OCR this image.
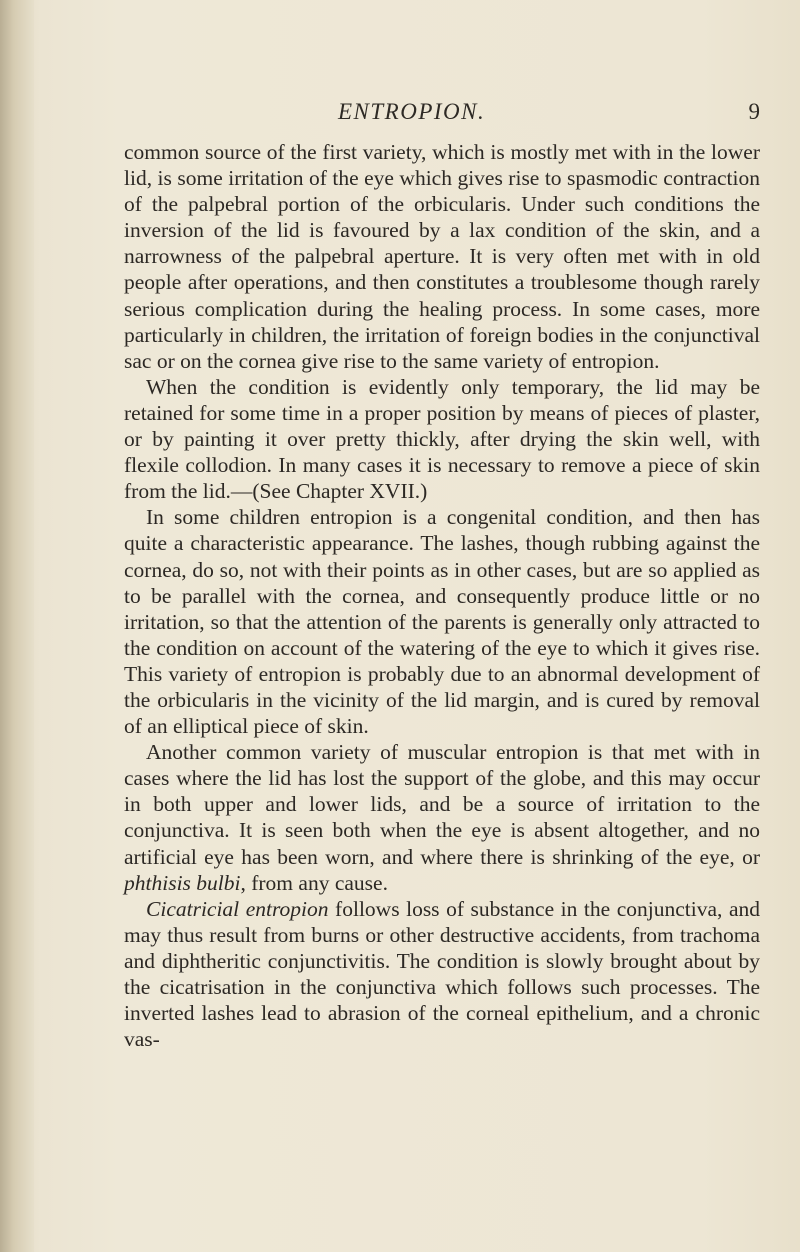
ENTROPION.	9

common source of the first variety, which is mostly met with in the lower lid, is some irritation of the eye which gives rise to spasmodic contraction of the palpebral portion of the orbicularis. Under such conditions the inversion of the lid is favoured by a lax condition of the skin, and a narrowness of the palpebral aperture. It is very often met with in old people after operations, and then constitutes a troublesome though rarely serious complication during the healing process. In some cases, more particularly in children, the irritation of foreign bodies in the conjunctival sac or on the cornea give rise to the same variety of entropion.

When the condition is evidently only temporary, the lid may be retained for some time in a proper position by means of pieces of plaster, or by painting it over pretty thickly, after drying the skin well, with flexile collodion. In many cases it is necessary to remove a piece of skin from the lid.—(See Chapter XVII.)

In some children entropion is a congenital condition, and then has quite a characteristic appearance. The lashes, though rubbing against the cornea, do so, not with their points as in other cases, but are so applied as to be parallel with the cornea, and consequently produce little or no irritation, so that the attention of the parents is generally only attracted to the condition on account of the watering of the eye to which it gives rise. This variety of entropion is probably due to an abnormal development of the orbicularis in the vicinity of the lid margin, and is cured by removal of an elliptical piece of skin.

Another common variety of muscular entropion is that met with in cases where the lid has lost the support of the globe, and this may occur in both upper and lower lids, and be a source of irritation to the conjunctiva. It is seen both when the eye is absent altogether, and no artificial eye has been worn, and where there is shrinking of the eye, or phthisis bulbi, from any cause.

Cicatricial entropion follows loss of substance in the conjunctiva, and may thus result from burns or other destructive accidents, from trachoma and diphtheritic conjunctivitis. The condition is slowly brought about by the cicatrisation in the conjunctiva which follows such processes. The inverted lashes lead to abrasion of the corneal epithelium, and a chronic vas-
